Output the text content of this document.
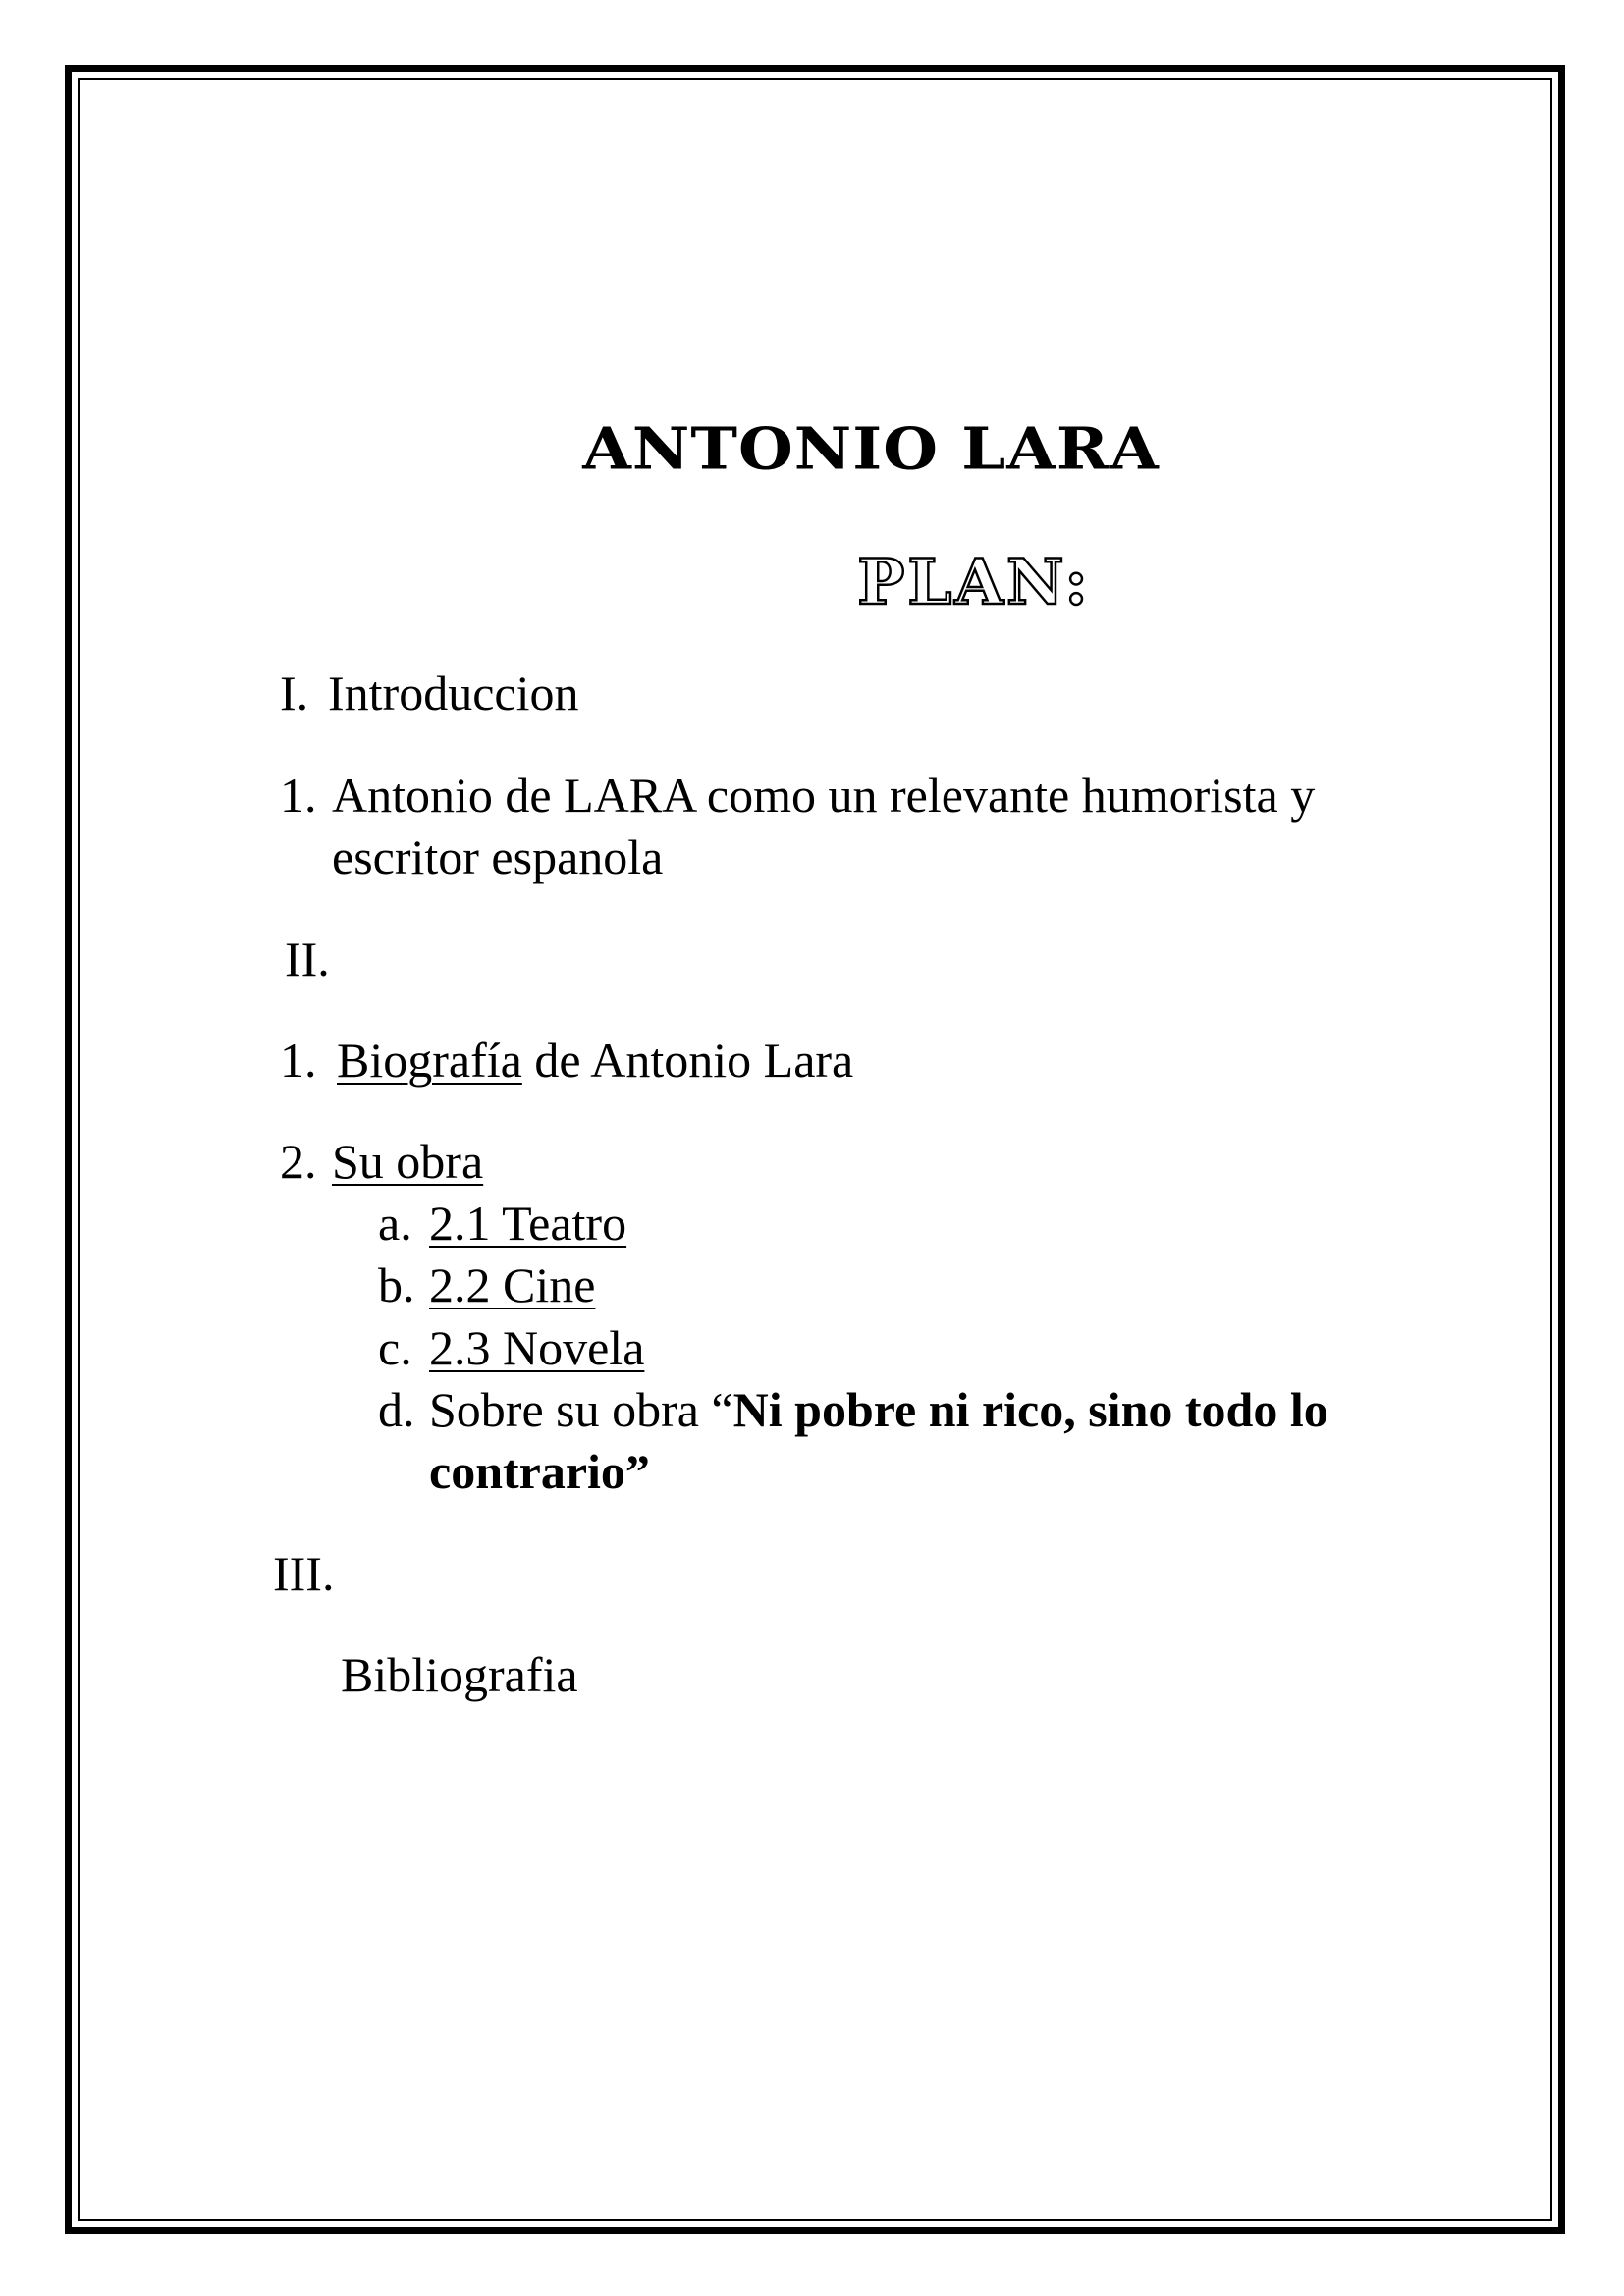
ANTONIO LARA
PLAN:
I. Introduccion
1. Antonio de LARA como un relevante humorista y
escritor espanola
II.
1. Biografía de Antonio Lara
2. Su obra
a. 2.1 Teatro
b. 2.2 Cine
c. 2.3 Novela
d. Sobre su obra “Ni pobre ni rico, sino todo lo
contrario”
III.
Bibliografia
